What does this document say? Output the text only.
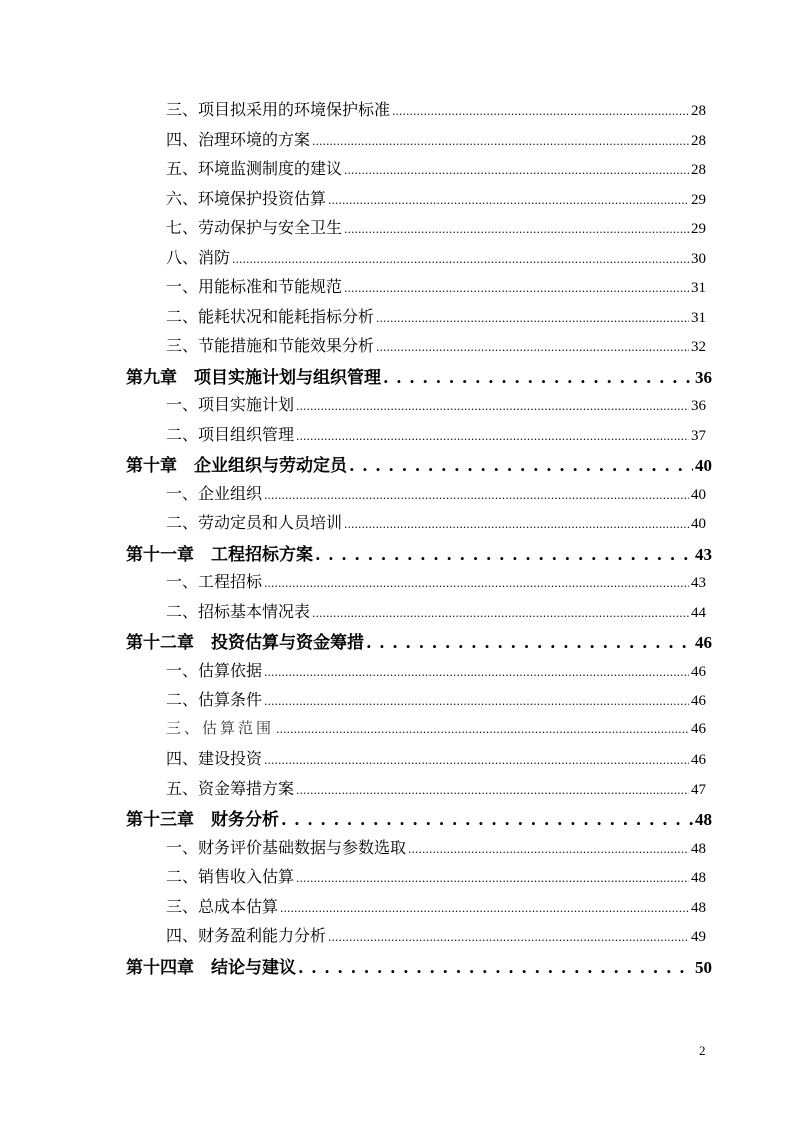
三、项目拟采用的环境保护标准 .....	28
四、治理环境的方案 .....	28
五、环境监测制度的建议 .....	28
六、环境保护投资估算 .....	29
七、劳动保护与安全卫生 .....	29
八、消防 .....	30
一、用能标准和节能规范 .....	31
二、能耗状况和能耗指标分析 .....	31
三、节能措施和节能效果分析 .....	32
第九章　项目实施计划与组织管理 . . .	36
一、项目实施计划 .....	36
二、项目组织管理 .....	37
第十章　企业组织与劳动定员 . . .	40
一、企业组织 .....	40
二、劳动定员和人员培训 .....	40
第十一章　工程招标方案 . . .	43
一、工程招标 .....	43
二、招标基本情况表 .....	44
第十二章　投资估算与资金筹措 . . .	46
一、估算依据 .....	46
二、估算条件 .....	46
三、估算范围 .....	46
四、建设投资 .....	46
五、资金筹措方案 .....	47
第十三章　财务分析 . . .	48
一、财务评价基础数据与参数选取 .....	48
二、销售收入估算 .....	48
三、总成本估算 .....	48
四、财务盈利能力分析 .....	49
第十四章　结论与建议 . . .	50
2
